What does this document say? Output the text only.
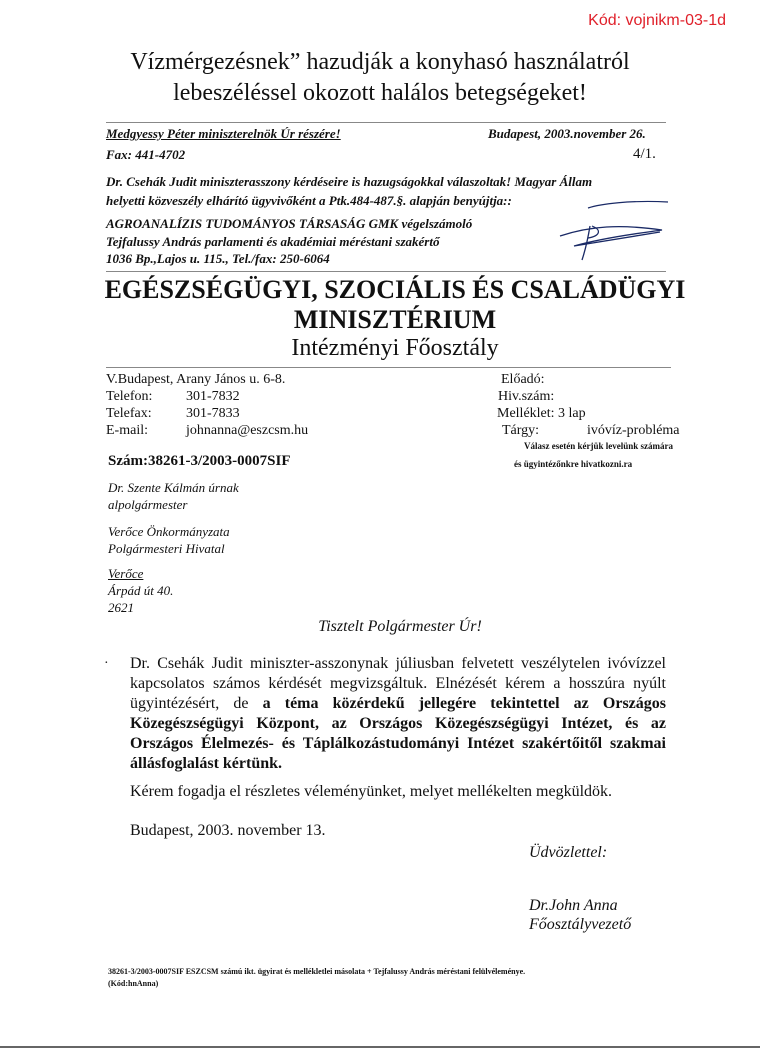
Kód: vojnikm-03-1d
Vízmérgezésnek” hazudják a konyhasó használatról
lebeszéléssel okozott halálos betegségeket!
Medgyessy Péter miniszterelnök Úr részére!	Budapest, 2003.november 26.
Fax: 441-4702	4/1.
Dr. Csehák Judit miniszterasszony kérdéseire is hazugságokkal válaszoltak! Magyar Állam
helyetti közveszély elhárító ügyvivőként a Ptk.484-487.§. alapján benyújtja::
AGROANALÍZIS TUDOMÁNYOS TÁRSASÁG GMK végelszámoló
Tejfalussy András parlamenti és akadémiai méréstani szakértő
1036 Bp.,Lajos u. 115., Tel./fax: 250-6064
EGÉSZSÉGÜGYI, SZOCIÁLIS ÉS CSALÁDÜGYI
MINISZTÉRIUM
Intézményi Főosztály
V.Budapest, Arany János u. 6-8.
Telefon: 301-7832
Telefax: 301-7833
E-mail:	johnanna@eszcsm.hu
Előadó:
Hiv.szám:
Melléklet: 3 lap
Tárgy:	ivóvíz-probléma
Válasz esetén kérjük levelünk számára
és ügyintézőnkre hivatkozni.ra
Szám:38261-3/2003-0007SIF
Dr. Szente Kálmán úrnak
alpolgármester
Verőce Önkormányzata
Polgármesteri Hivatal
Verőce
Árpád út 40.
2621
Tisztelt Polgármester Úr!
· Dr. Csehák Judit miniszter-asszonynak júliusban felvetett veszélytelen ivóvízzel kapcsolatos számos kérdését megvizsgáltuk. Elnézését kérem a hosszúra nyúlt ügyintézésért, de a téma közérdekű jellegére tekintettel az Országos Közegészségügyi Központ, az Országos Közegészségügyi Intézet, és az Országos Élelmezés- és Táplálkozástudományi Intézet szakértőitől szakmai állásfoglalást kértünk.

Kérem fogadja el részletes véleményünket, melyet mellékelten megküldök.

Budapest, 2003. november 13.
Üdvözlettel:
Dr.John Anna
Főosztályvezető
38261-3/2003-0007SIF ESZCSM számú ikt. ügyirat és mellékletlei másolata + Tejfalussy András méréstani felülvéleménye.
(Kód:hnAnna)
